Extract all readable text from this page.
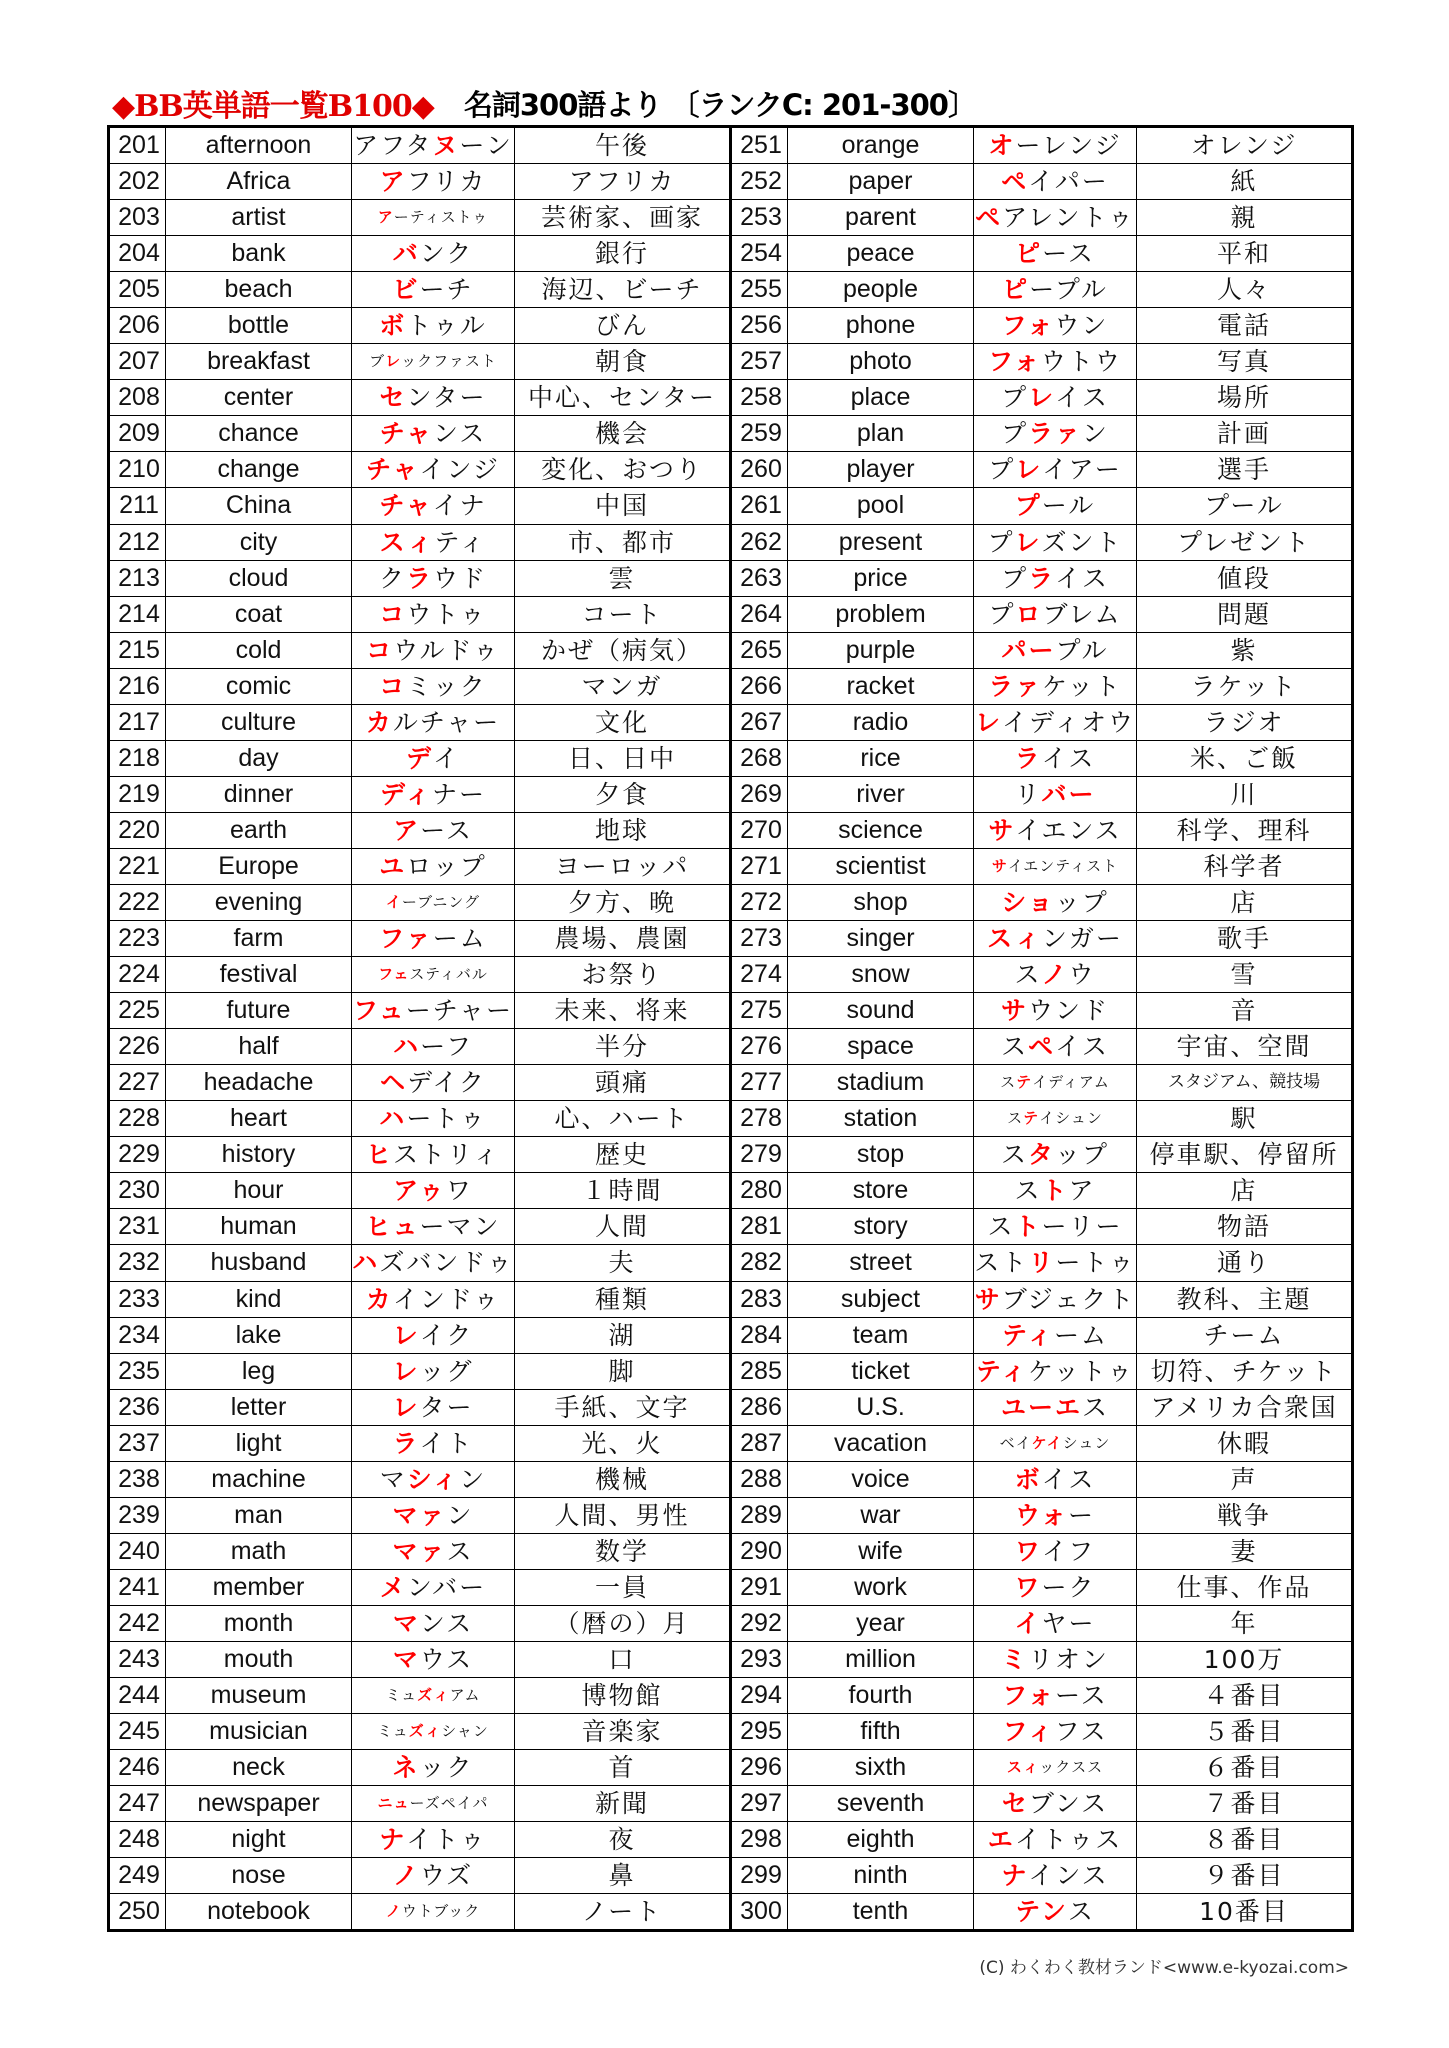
◆BB英単語一覧B100◆ 名詞300語より 〔ランクC: 201-300〕
201	afternoon	アフタヌーン	午後	251	orange	オーレンジ	オレンジ
202	Africa	アフリカ	アフリカ	252	paper	ペイパー	紙
203	artist	アーティストゥ	芸術家、画家	253	parent	ペアレントゥ	親
204	bank	バンク	銀行	254	peace	ピース	平和
205	beach	ビーチ	海辺、ビーチ	255	people	ピープル	人々
206	bottle	ボトゥル	びん	256	phone	フォウン	電話
207	breakfast	ブレックファスト	朝食	257	photo	フォウトウ	写真
208	center	センター	中心、センター	258	place	プレイス	場所
209	chance	チャンス	機会	259	plan	プラァン	計画
210	change	チャインジ	変化、おつり	260	player	プレイアー	選手
211	China	チャイナ	中国	261	pool	プール	プール
212	city	スィティ	市、都市	262	present	プレズント	プレゼント
213	cloud	クラウド	雲	263	price	プライス	値段
214	coat	コウトゥ	コート	264	problem	プロブレム	問題
215	cold	コウルドゥ	かぜ（病気）	265	purple	パープル	紫
216	comic	コミック	マンガ	266	racket	ラァケット	ラケット
217	culture	カルチャー	文化	267	radio	レイディオウ	ラジオ
218	day	デイ	日、日中	268	rice	ライス	米、ご飯
219	dinner	ディナー	夕食	269	river	リバー	川
220	earth	アース	地球	270	science	サイエンス	科学、理科
221	Europe	ユロップ	ヨーロッパ	271	scientist	サイエンティスト	科学者
222	evening	イーブニング	夕方、晩	272	shop	ショップ	店
223	farm	ファーム	農場、農園	273	singer	スィンガー	歌手
224	festival	フェスティバル	お祭り	274	snow	スノウ	雪
225	future	フューチャー	未来、将来	275	sound	サウンド	音
226	half	ハーフ	半分	276	space	スペイス	宇宙、空間
227	headache	ヘデイク	頭痛	277	stadium	ステイディアム	スタジアム、競技場
228	heart	ハートゥ	心、ハート	278	station	ステイシュン	駅
229	history	ヒストリィ	歴史	279	stop	スタップ	停車駅、停留所
230	hour	アゥワ	１時間	280	store	ストア	店
231	human	ヒューマン	人間	281	story	ストーリー	物語
232	husband	ハズバンドゥ	夫	282	street	ストリートゥ	通り
233	kind	カインドゥ	種類	283	subject	サブジェクト	教科、主題
234	lake	レイク	湖	284	team	ティーム	チーム
235	leg	レッグ	脚	285	ticket	ティケットゥ	切符、チケット
236	letter	レター	手紙、文字	286	U.S.	ユーエス	アメリカ合衆国
237	light	ライト	光、火	287	vacation	ベイケイシュン	休暇
238	machine	マシィン	機械	288	voice	ボイス	声
239	man	マァン	人間、男性	289	war	ウォー	戦争
240	math	マァス	数学	290	wife	ワイフ	妻
241	member	メンバー	一員	291	work	ワーク	仕事、作品
242	month	マンス	（暦の）月	292	year	イヤー	年
243	mouth	マウス	口	293	million	ミリオン	100万
244	museum	ミュズィアム	博物館	294	fourth	フォース	４番目
245	musician	ミュズィシャン	音楽家	295	fifth	フィフス	５番目
246	neck	ネック	首	296	sixth	スィックスス	６番目
247	newspaper	ニューズペイパ	新聞	297	seventh	セブンス	７番目
248	night	ナイトゥ	夜	298	eighth	エイトゥス	８番目
249	nose	ノウズ	鼻	299	ninth	ナインス	９番目
250	notebook	ノウトブック	ノート	300	tenth	テンス	10番目
(C) わくわく教材ランド<www.e-kyozai.com>
